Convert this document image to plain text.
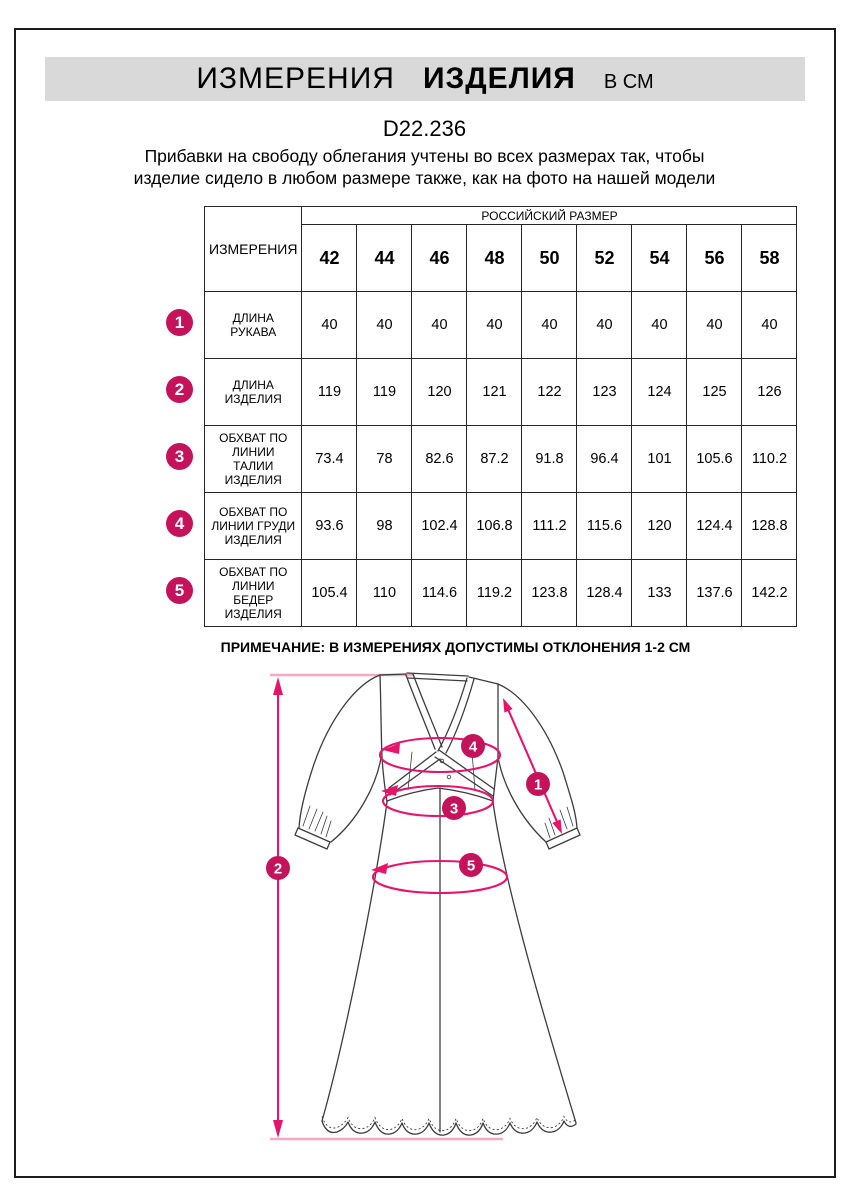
ИЗМЕРЕНИЯ ИЗДЕЛИЯ В СМ
D22.236
Прибавки на свободу облегания учтены во всех размерах так, чтобы
изделие сидело в любом размере также, как на фото на нашей модели
ИЗМЕРЕНИЯ	РОССИЙСКИЙ РАЗМЕР								
	42	44	46	48	50	52	54	56	58
ДЛИНА РУКАВА	40	40	40	40	40	40	40	40	40
ДЛИНА ИЗДЕЛИЯ	119	119	120	121	122	123	124	125	126
ОБХВАТ ПО ЛИНИИ ТАЛИИ ИЗДЕЛИЯ	73.4	78	82.6	87.2	91.8	96.4	101	105.6	110.2
ОБХВАТ ПО ЛИНИИ ГРУДИ ИЗДЕЛИЯ	93.6	98	102.4	106.8	111.2	115.6	120	124.4	128.8
ОБХВАТ ПО ЛИНИИ БЕДЕР ИЗДЕЛИЯ	105.4	110	114.6	119.2	123.8	128.4	133	137.6	142.2
1
2
3
4
5
ПРИМЕЧАНИЕ: В ИЗМЕРЕНИЯХ ДОПУСТИМЫ ОТКЛОНЕНИЯ 1-2 СМ
1
2
3
4
5
